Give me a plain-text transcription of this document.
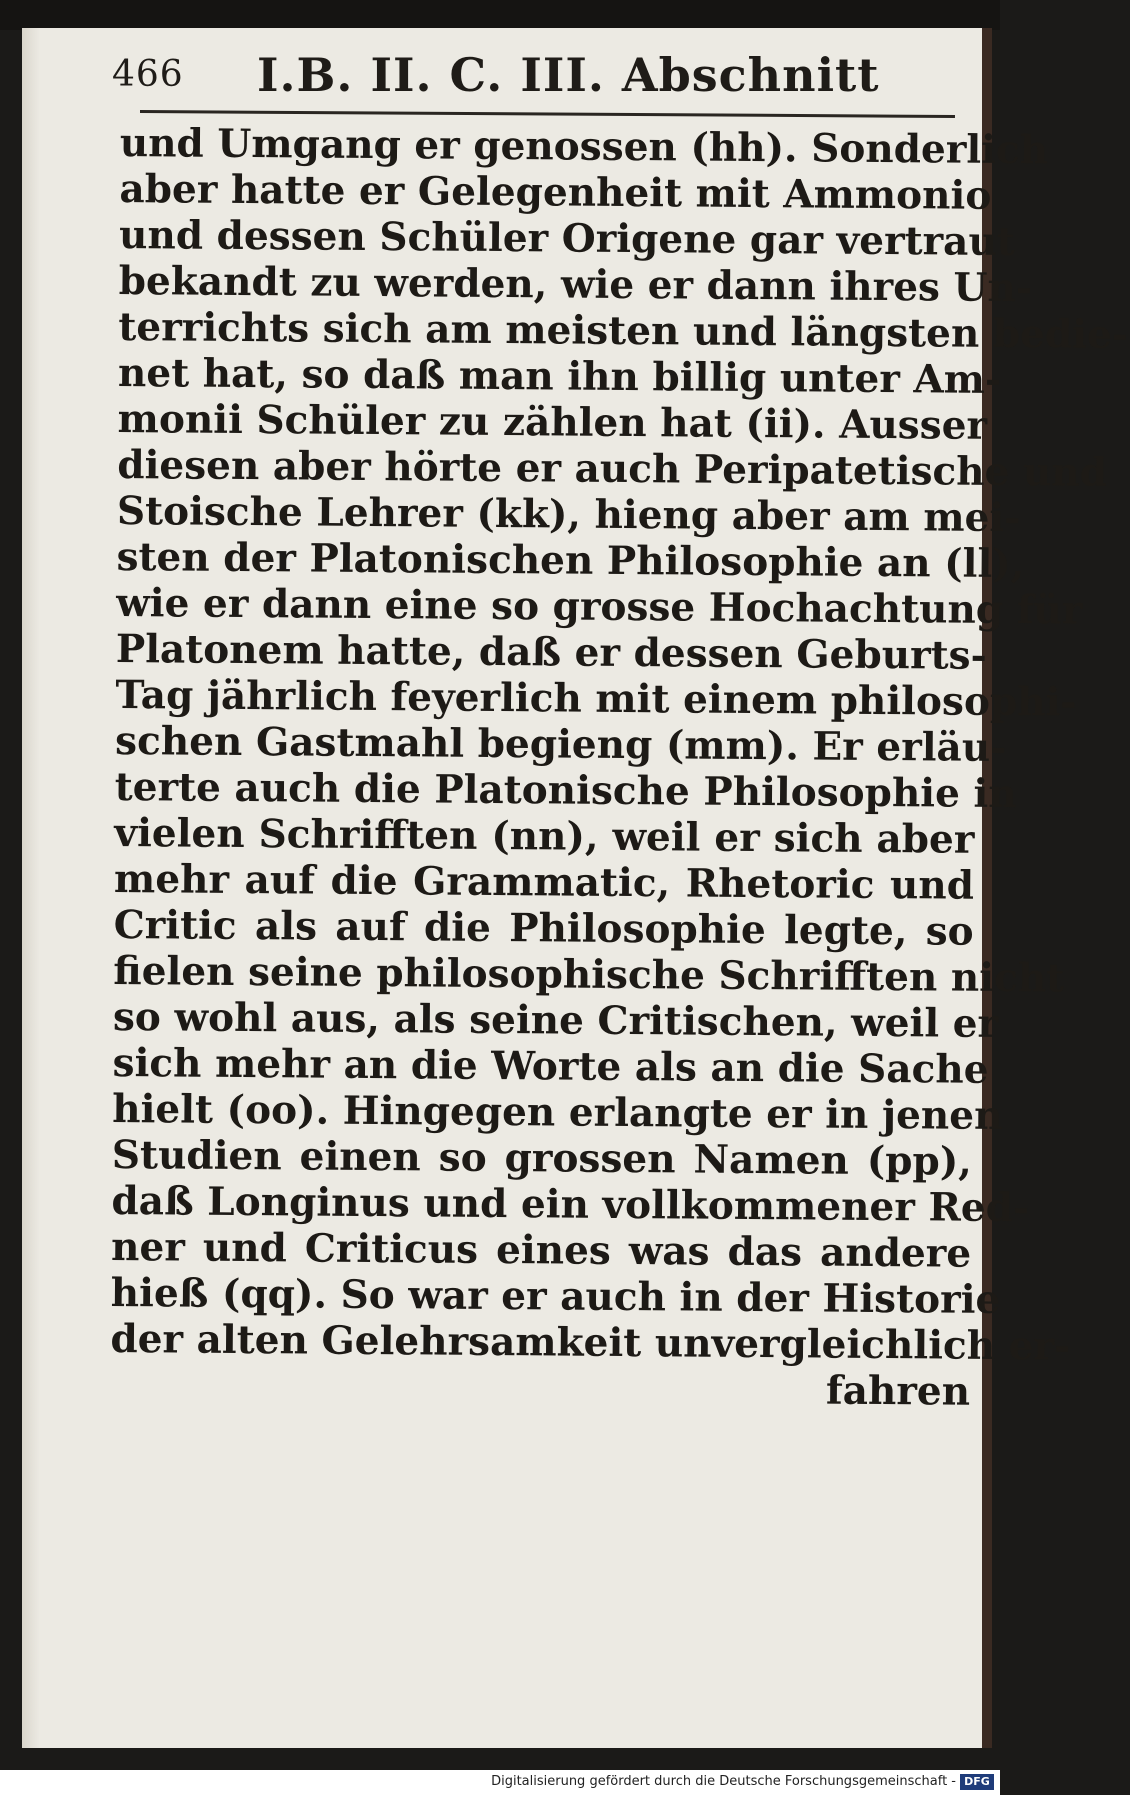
466 I.B. II. C. III. Abschnitt
und Umgang er genossen (hh). Sonderlich
aber hatte er Gelegenheit mit Ammonio
und dessen Schüler Origene gar vertraut
bekandt zu werden, wie er dann ihres Un-
terrichts sich am meisten und längsten bedie-
net hat, so daß man ihn billig unter Am-
monii Schüler zu zählen hat (ii). Ausser
diesen aber hörte er auch Peripatetische und
Stoische Lehrer (kk), hieng aber am mei-
sten der Platonischen Philosophie an (ll),
wie er dann eine so grosse Hochachtung für
Platonem hatte, daß er dessen Geburts-
Tag jährlich feyerlich mit einem philosophi-
schen Gastmahl begieng (mm). Er erläu-
terte auch die Platonische Philosophie in
vielen Schrifften (nn), weil er sich aber
mehr auf die Grammatic, Rhetoric und
Critic als auf die Philosophie legte, so
fielen seine philosophische Schrifften nicht
so wohl aus, als seine Critischen, weil er
sich mehr an die Worte als an die Sache
hielt (oo). Hingegen erlangte er in jenen
Studien einen so grossen Namen (pp),
daß Longinus und ein vollkommener Red-
ner und Criticus eines was das andere
hieß (qq). So war er auch in der Historie
der alten Gelehrsamkeit unvergleichlich er-
fahren
Digitalisierung gefördert durch die Deutsche Forschungsgemeinschaft - DFG
